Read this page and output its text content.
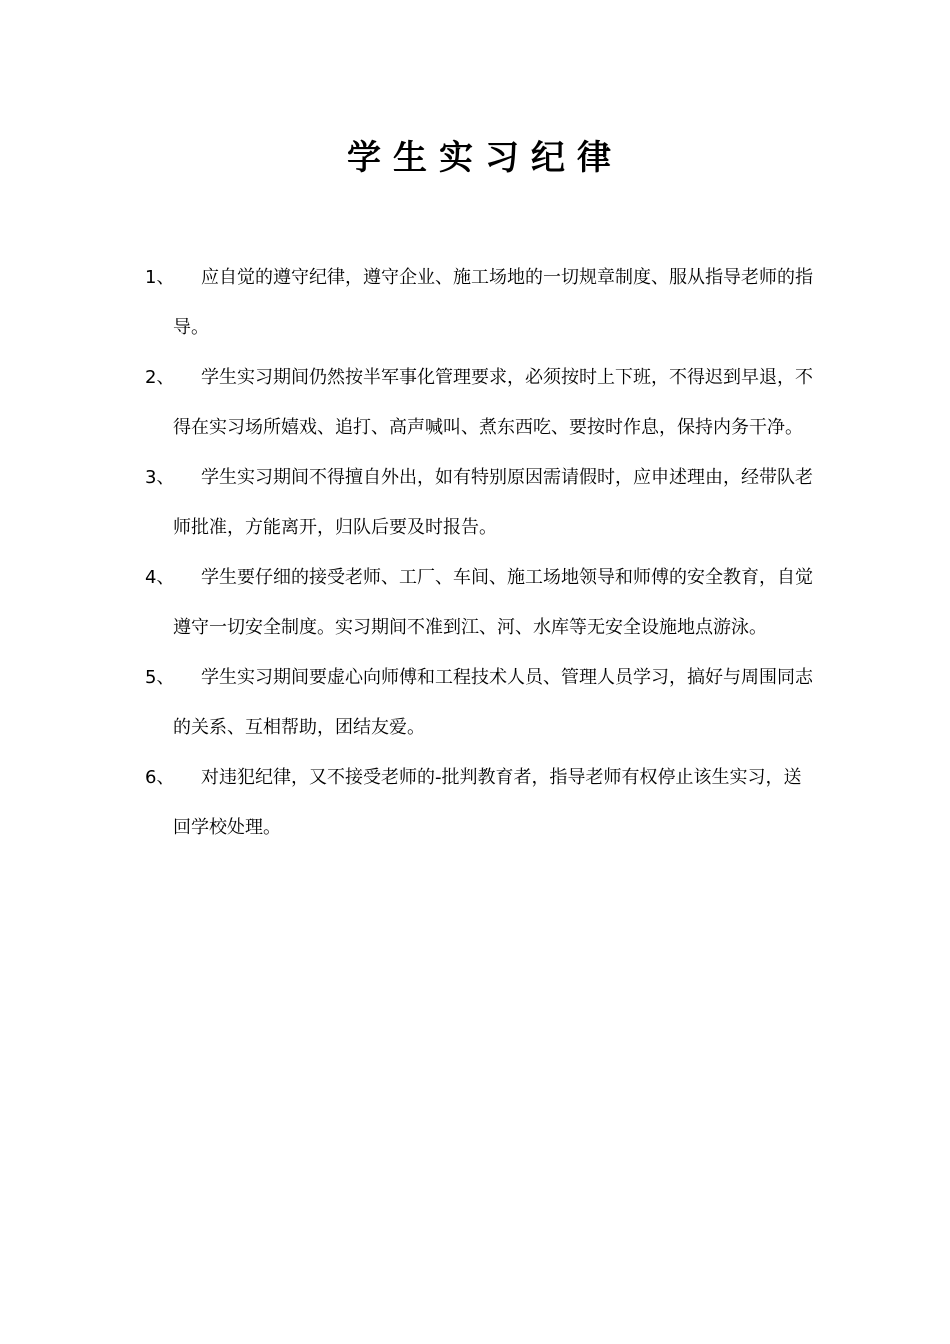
学生实习纪律
1、	应自觉的遵守纪律，遵守企业、施工场地的一切规章制度、服从指导老师的指导。
2、	学生实习期间仍然按半军事化管理要求，必须按时上下班，不得迟到早退，不得在实习场所嬉戏、追打、高声喊叫、煮东西吃、要按时作息，保持内务干净。
3、	学生实习期间不得擅自外出，如有特别原因需请假时，应申述理由，经带队老师批准，方能离开，归队后要及时报告。
4、	学生要仔细的接受老师、工厂、车间、施工场地领导和师傅的安全教育，自觉遵守一切安全制度。实习期间不准到江、河、水库等无安全设施地点游泳。
5、	学生实习期间要虚心向师傅和工程技术人员、管理人员学习，搞好与周围同志的关系、互相帮助，团结友爱。
6、	对违犯纪律，又不接受老师的-批判教育者，指导老师有权停止该生实习，送回学校处理。
